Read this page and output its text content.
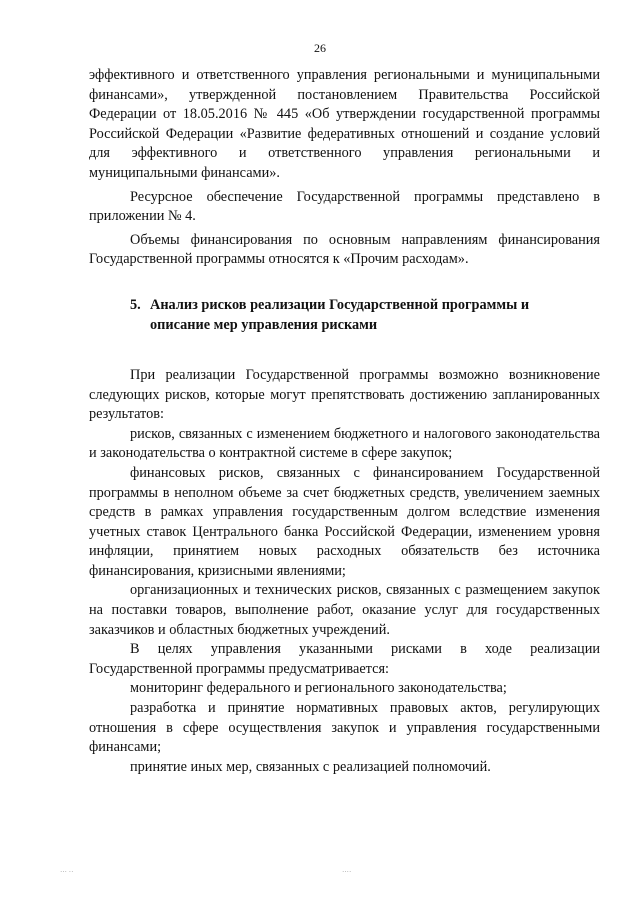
26

эффективного и ответственного управления региональными и муниципальными финансами», утвержденной постановлением Правительства Российской Федерации от 18.05.2016 № 445 «Об утверждении государственной программы Российской Федерации «Развитие федеративных отношений и создание условий для эффективного и ответственного управления региональными и муниципальными финансами».

Ресурсное обеспечение Государственной программы представлено в приложении № 4.

Объемы финансирования по основным направлениям финансирования Государственной программы относятся к «Прочим расходам».

5. Анализ рисков реализации Государственной программы и
описание мер управления рисками

При реализации Государственной программы возможно возникновение следующих рисков, которые могут препятствовать достижению запланированных результатов:

рисков, связанных с изменением бюджетного и налогового законодательства и законодательства о контрактной системе в сфере закупок;

финансовых рисков, связанных с финансированием Государственной программы в неполном объеме за счет бюджетных средств, увеличением заемных средств в рамках управления государственным долгом вследствие изменения учетных ставок Центрального банка Российской Федерации, изменением уровня инфляции, принятием новых расходных обязательств без источника финансирования, кризисными явлениями;

организационных и технических рисков, связанных с размещением закупок на поставки товаров, выполнение работ, оказание услуг для государственных заказчиков и областных бюджетных учреждений.

В целях управления указанными рисками в ходе реализации Государственной программы предусматривается:

мониторинг федерального и регионального законодательства;

разработка и принятие нормативных правовых актов, регулирующих отношения в сфере осуществления закупок и управления государственными финансами;

принятие иных мер, связанных с реализацией полномочий.

··· ··	····
